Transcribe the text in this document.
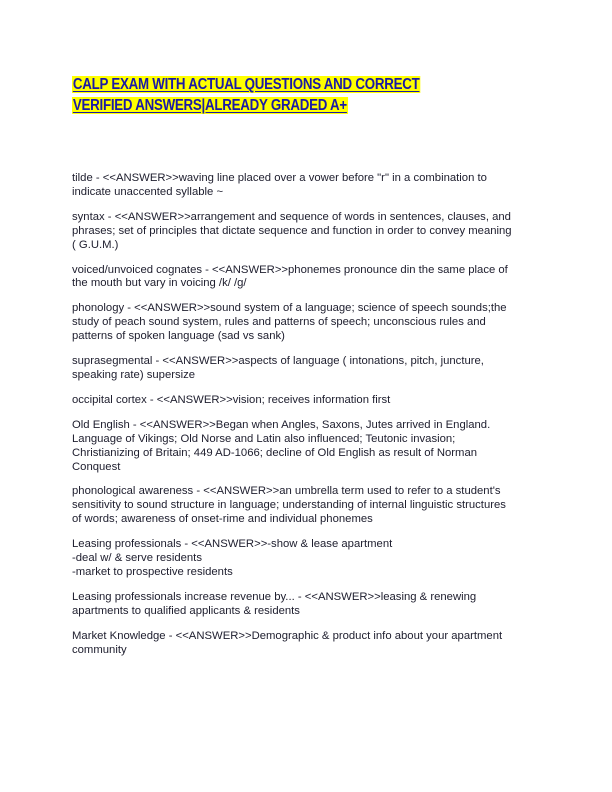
CALP EXAM WITH ACTUAL QUESTIONS AND CORRECT VERIFIED ANSWERS|ALREADY GRADED A+

tilde - <<ANSWER>>waving line placed over a vower before "r" in a combination to
indicate unaccented syllable ~

syntax - <<ANSWER>>arrangement and sequence of words in sentences, clauses, and
phrases; set of principles that dictate sequence and function in order to convey meaning
( G.U.M.)

voiced/unvoiced cognates - <<ANSWER>>phonemes pronounce din the same place of
the mouth but vary in voicing /k/ /g/

phonology - <<ANSWER>>sound system of a language; science of speech sounds;the
study of peach sound system, rules and patterns of speech; unconscious rules and
patterns of spoken language (sad vs sank)

suprasegmental - <<ANSWER>>aspects of language ( intonations, pitch, juncture,
speaking rate) supersize

occipital cortex - <<ANSWER>>vision; receives information first

Old English - <<ANSWER>>Began when Angles, Saxons, Jutes arrived in England.
Language of Vikings; Old Norse and Latin also influenced; Teutonic invasion;
Christianizing of Britain; 449 AD-1066; decline of Old English as result of Norman
Conquest

phonological awareness - <<ANSWER>>an umbrella term used to refer to a student's
sensitivity to sound structure in language; understanding of internal linguistic structures
of words; awareness of onset-rime and individual phonemes

Leasing professionals - <<ANSWER>>-show & lease apartment
-deal w/ & serve residents
-market to prospective residents

Leasing professionals increase revenue by... - <<ANSWER>>leasing & renewing
apartments to qualified applicants & residents

Market Knowledge - <<ANSWER>>Demographic & product info about your apartment
community
